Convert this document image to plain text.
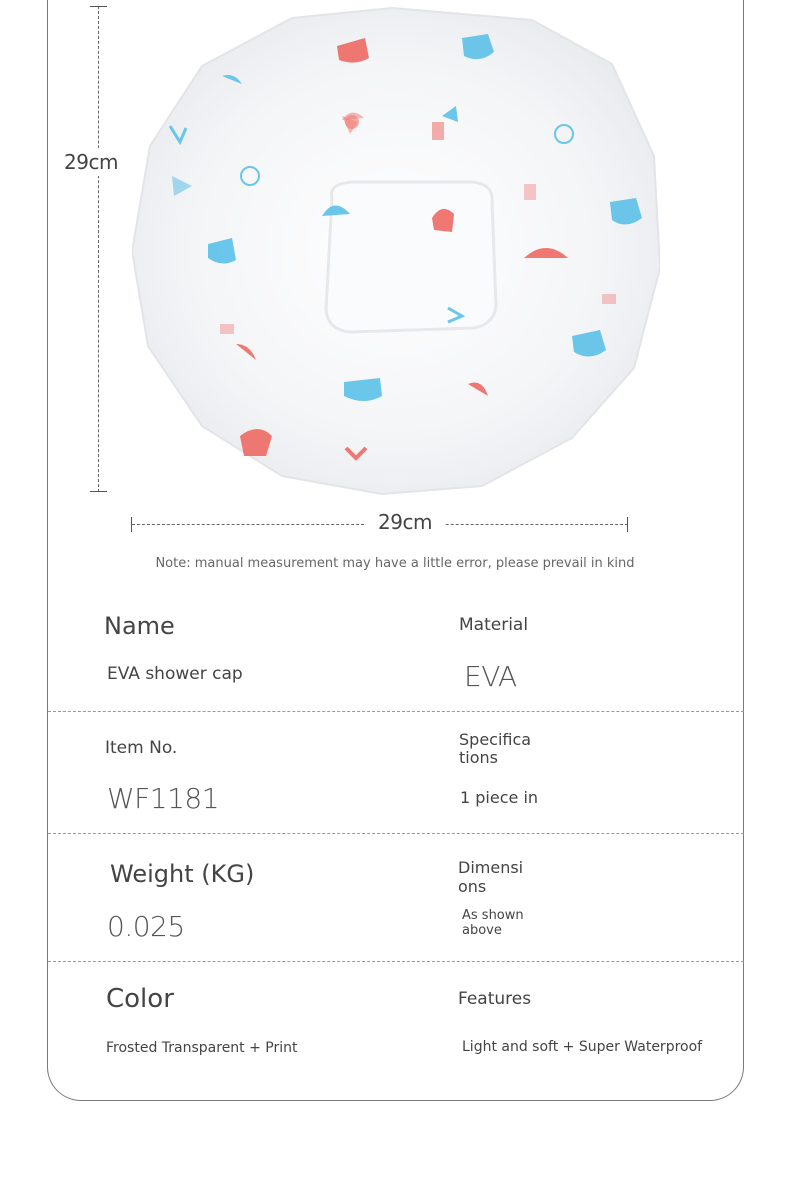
29cm
29cm
Note: manual measurement may have a little error, please prevail in kind
Name	Material
EVA shower cap	EVA
Item No.	Specifica
tions
WF1181	1 piece in
Weight (KG)	Dimensi
ons
0.025	As shown
above
Color	Features
Frosted Transparent + Print	Light and soft + Super Waterproof
